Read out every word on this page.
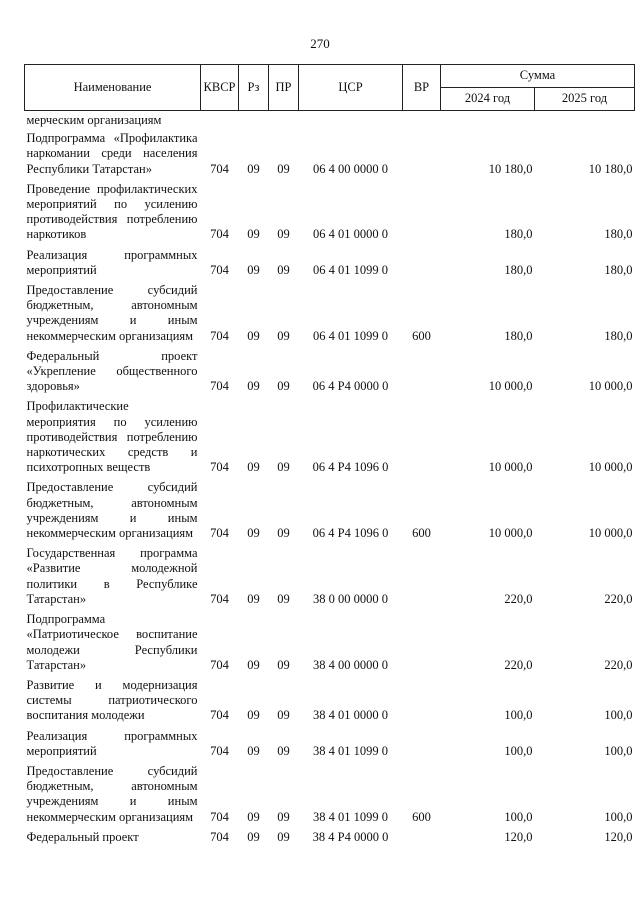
270
Наименование	КВСР	Рз	ПР	ЦСР	ВР	Сумма	
						2024 год	2025 год

мерческим организациям							

Подпрограмма «Профилактика наркомании среди населения Республики Татарстан»	704	09	09	06 4 00 0000 0		10 180,0	10 180,0

Проведение профилактических мероприятий по усилению противодействия потреблению наркотиков	704	09	09	06 4 01 0000 0		180,0	180,0

Реализация программных мероприятий	704	09	09	06 4 01 1099 0		180,0	180,0

Предоставление субсидий бюджетным, автономным учреждениям и иным некоммерческим организациям	704	09	09	06 4 01 1099 0	600	180,0	180,0

Федеральный проект «Укрепление общественного здоровья»	704	09	09	06 4 P4 0000 0		10 000,0	10 000,0

Профилактические мероприятия по усилению противодействия потреблению наркотических средств и психотропных веществ	704	09	09	06 4 P4 1096 0		10 000,0	10 000,0

Предоставление субсидий бюджетным, автономным учреждениям и иным некоммерческим организациям	704	09	09	06 4 P4 1096 0	600	10 000,0	10 000,0

Государственная программа «Развитие молодежной политики в Республике Татарстан»	704	09	09	38 0 00 0000 0		220,0	220,0

Подпрограмма «Патриотическое воспитание молодежи Республики Татарстан»	704	09	09	38 4 00 0000 0		220,0	220,0

Развитие и модернизация системы патриотического воспитания молодежи	704	09	09	38 4 01 0000 0		100,0	100,0

Реализация программных мероприятий	704	09	09	38 4 01 1099 0		100,0	100,0

Предоставление субсидий бюджетным, автономным учреждениям и иным некоммерческим организациям	704	09	09	38 4 01 1099 0	600	100,0	100,0

Федеральный проект	704	09	09	38 4 P4 0000 0		120,0	120,0
